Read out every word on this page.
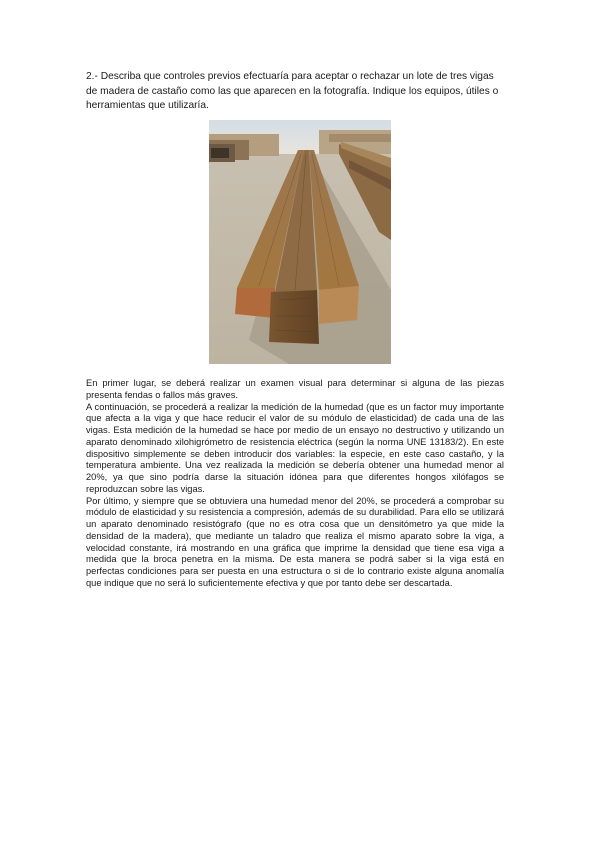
2.- Describa que controles previos efectuaría para aceptar o rechazar un lote de tres vigas de madera de castaño como las que aparecen en la fotografía. Indique los equipos, útiles o herramientas que utilizaría.

En primer lugar, se deberá realizar un examen visual para determinar si alguna de las piezas presenta fendas o fallos más graves.

A continuación, se procederá a realizar la medición de la humedad (que es un factor muy importante que afecta a la viga y que hace reducir el valor de su módulo de elasticidad) de cada una de las vigas. Esta medición de la humedad se hace por medio de un ensayo no destructivo y utilizando un aparato denominado xilohigrómetro de resistencia eléctrica (según la norma UNE 13183/2). En este dispositivo simplemente se deben introducir dos variables: la especie, en este caso castaño, y la temperatura ambiente. Una vez realizada la medición se debería obtener una humedad menor al 20%, ya que sino podría darse la situación idónea para que diferentes hongos xilófagos se reproduzcan sobre las vigas.

Por último, y siempre que se obtuviera una humedad menor del 20%, se procederá a comprobar su módulo de elasticidad y su resistencia a compresión, además de su durabilidad. Para ello se utilizará un aparato denominado resistógrafo (que no es otra cosa que un densitómetro ya que mide la densidad de la madera), que mediante un taladro que realiza el mismo aparato sobre la viga, a velocidad constante, irá mostrando en una gráfica que imprime la densidad que tiene esa viga a medida que la broca penetra en la misma. De esta manera se podrá saber si la viga está en perfectas condiciones para ser puesta en una estructura o si de lo contrario existe alguna anomalía que indique que no será lo suficientemente efectiva y que por tanto debe ser descartada.
